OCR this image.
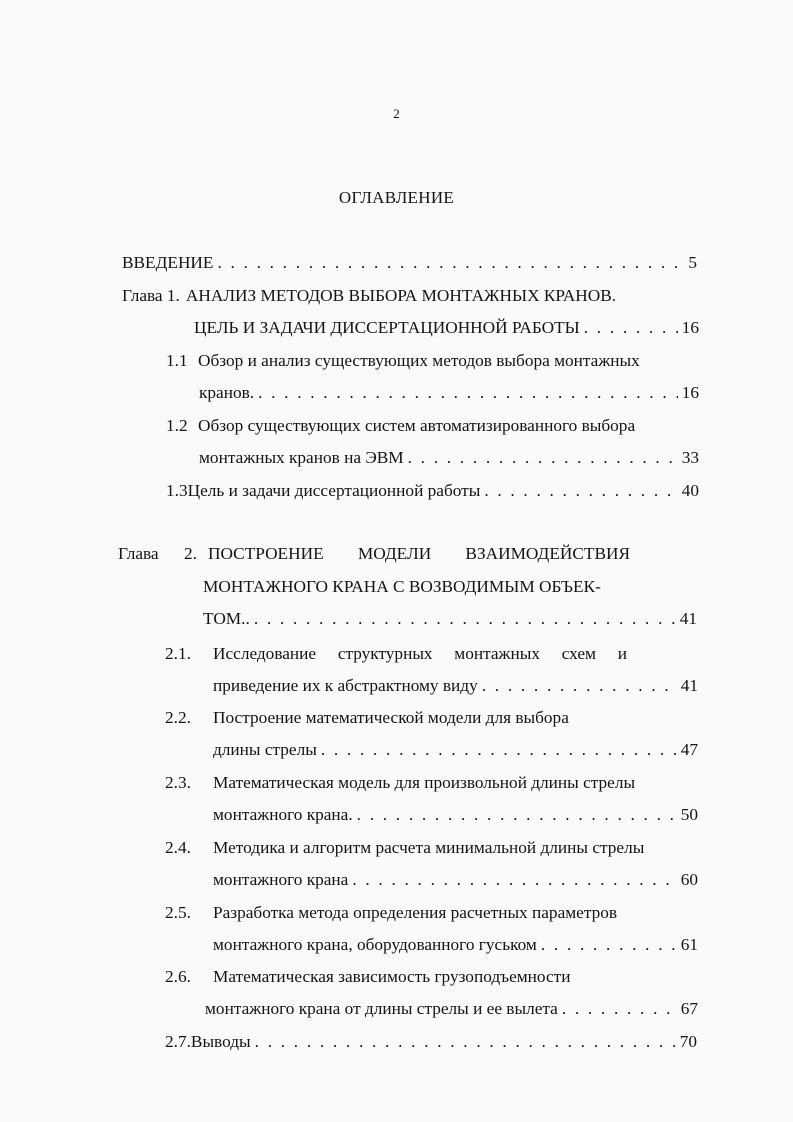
2
ОГЛАВЛЕНИЕ
ВВЕДЕНИЕ . . .	5
Глава 1. АНАЛИЗ МЕТОДОВ ВЫБОРА МОНТАЖНЫХ КРАНОВ.
ЦЕЛЬ И ЗАДАЧИ ДИССЕРТАЦИОННОЙ РАБОТЫ . . .	16
1.1 Обзор и анализ существующих методов выбора монтажных
кранов. . . .	16
1.2 Обзор существующих систем автоматизированного выбора
монтажных кранов на ЭВМ . . .	33
1.3 Цель и задачи диссертационной работы . . .	40
Глава	2. ПОСТРОЕНИЕ МОДЕЛИ ВЗАИМОДЕЙСТВИЯ
МОНТАЖНОГО КРАНА С ВОЗВОДИМЫМ ОБЪЕК-
ТОМ.. . . .	41
2.1.	Исследование структурных монтажных схем и
приведение их к абстрактному виду . . .	41
2.2.	Построение математической модели для выбора
длины стрелы . . .	47
2.3.	Математическая модель для произвольной длины стрелы
монтажного крана. . . .	50
2.4.	Методика и алгоритм расчета минимальной длины стрелы
монтажного крана . . .	60
2.5.	Разработка метода определения расчетных параметров
монтажного крана, оборудованного гуськом . . .	61
2.6.	Математическая зависимость грузоподъемности
монтажного крана от длины стрелы и ее вылета . . .	67
2.7. Выводы . . .	70
